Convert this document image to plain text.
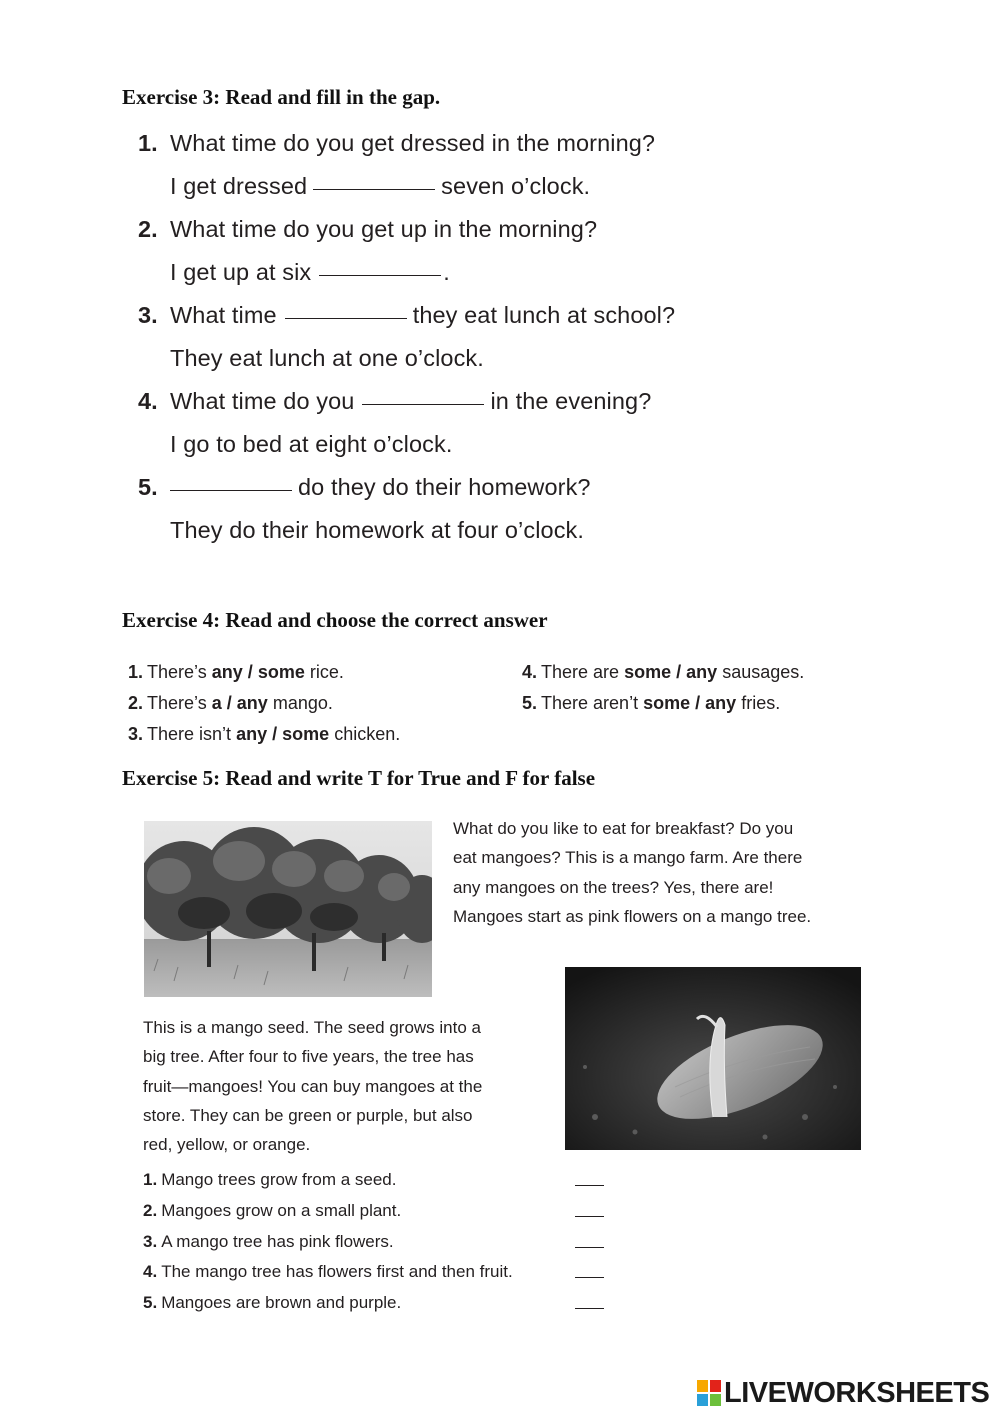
Exercise 3: Read and fill in the gap.
1. What time do you get dressed in the morning?
I get dressed	seven o’clock.
2. What time do you get up in the morning?
I get up at six	.
3. What time	they eat lunch at school?
They eat lunch at one o’clock.
4. What time do you	in the evening?
I go to bed at eight o’clock.
5.	do they do their homework?
They do their homework at four o’clock.
Exercise 4: Read and choose the correct answer
1. There’s any / some rice.
2. There’s a / any mango.
3. There isn’t any / some chicken.
4. There are some / any sausages.
5. There aren’t some / any fries.
Exercise 5: Read and write T for True and F for false
What do you like to eat for breakfast? Do you
eat mangoes? This is a mango farm. Are there
any mangoes on the trees? Yes, there are!
Mangoes start as pink flowers on a mango tree.
This is a mango seed. The seed grows into a
big tree. After four to five years, the tree has
fruit—mangoes! You can buy mangoes at the
store. They can be green or purple, but also
red, yellow, or orange.
1. Mango trees grow from a seed.
2. Mangoes grow on a small plant.
3. A mango tree has pink flowers.
4. The mango tree has flowers first and then fruit.
5. Mangoes are brown and purple.
LIVEWORKSHEETS
